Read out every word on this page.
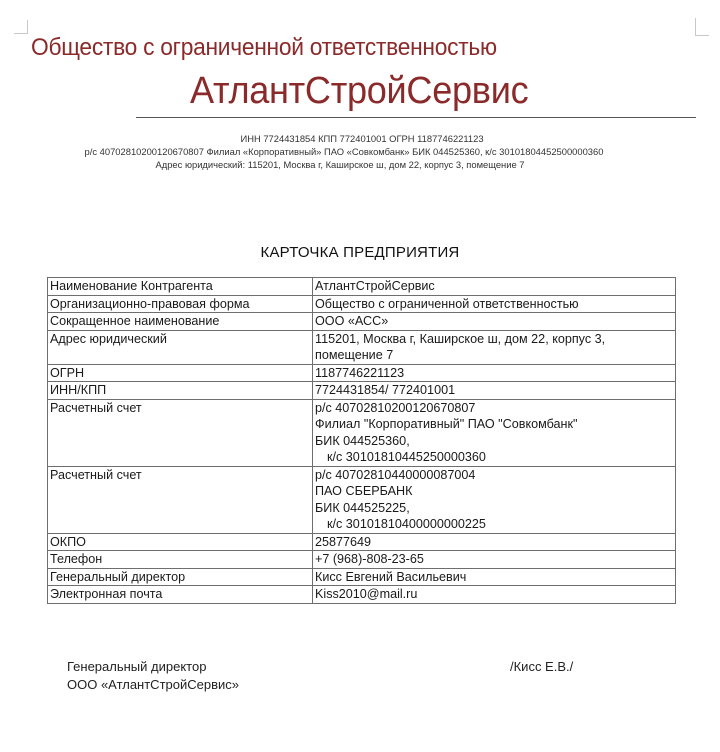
Общество с ограниченной ответственностью
АтлантСтройСервис
ИНН 7724431854 КПП 772401001 ОГРН 1187746221123
р/с 40702810200120670807 Филиал «Корпоративный» ПАО «Совкомбанк» БИК 044525360, к/с 30101804452500000360
Адрес юридический: 115201, Москва г, Каширское ш, дом 22, корпус 3, помещение 7
КАРТОЧКА ПРЕДПРИЯТИЯ
Наименование Контрагента	АтлантСтройСервис
Организационно-правовая форма	Общество с ограниченной ответственностью
Сокращенное наименование	ООО «АСС»
Адрес юридический	115201, Москва г, Каширское ш, дом 22, корпус 3,
помещение 7

ОГРН	1187746221123
ИНН/КПП	7724431854/ 772401001
Расчетный счет	р/с 40702810200120670807
Филиал "Корпоративный" ПАО "Совкомбанк"
БИК 044525360,
к/с 30101810445250000360

Расчетный счет	р/с 40702810440000087004
ПАО СБЕРБАНК
БИК 044525225,
к/с 30101810400000000225

ОКПО	25877649
Телефон	+7 (968)-808-23-65
Генеральный директор	Кисс Евгений Васильевич
Электронная почта	Kiss2010@mail.ru
Генеральный директор
ООО «АтлантСтройСервис»
/Кисс Е.В./
